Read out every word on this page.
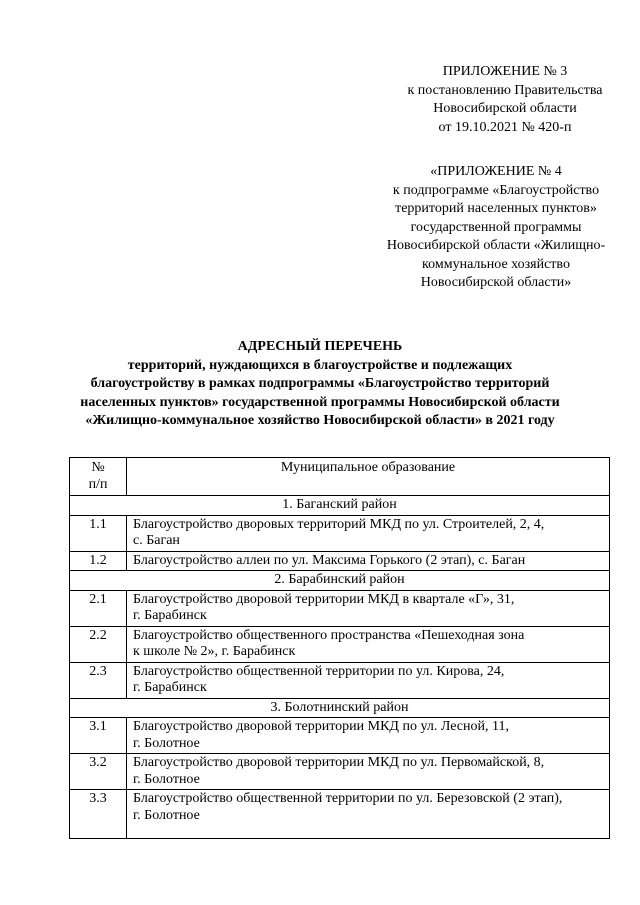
ПРИЛОЖЕНИЕ № 3
к постановлению Правительства
Новосибирской области
от 19.10.2021 № 420-п
«ПРИЛОЖЕНИЕ № 4
к подпрограмме «Благоустройство
территорий населенных пунктов»
государственной программы
Новосибирской области «Жилищно-
коммунальное хозяйство
Новосибирской области»
АДРЕСНЫЙ ПЕРЕЧЕНЬ
территорий, нуждающихся в благоустройстве и подлежащих
благоустройству в рамках подпрограммы «Благоустройство территорий
населенных пунктов» государственной программы Новосибирской области
«Жилищно-коммунальное хозяйство Новосибирской области» в 2021 году
№
п/п	Муниципальное образование
1. Баганский район	
1.1	Благоустройство дворовых территорий МКД по ул. Строителей, 2, 4,
с. Баган

1.2	Благоустройство аллеи по ул. Максима Горького (2 этап), с. Баган

2. Барабинский район	
2.1	Благоустройство дворовой территории МКД в квартале «Г», 31,
г. Барабинск

2.2	Благоустройство общественного пространства «Пешеходная зона
к школе № 2», г. Барабинск

2.3	Благоустройство общественной территории по ул. Кирова, 24,
г. Барабинск

3. Болотнинский район	
3.1	Благоустройство дворовой территории МКД по ул. Лесной, 11,
г. Болотное

3.2	Благоустройство дворовой территории МКД по ул. Первомайской, 8,
г. Болотное

3.3	Благоустройство общественной территории по ул. Березовской (2 этап),
г. Болотное
